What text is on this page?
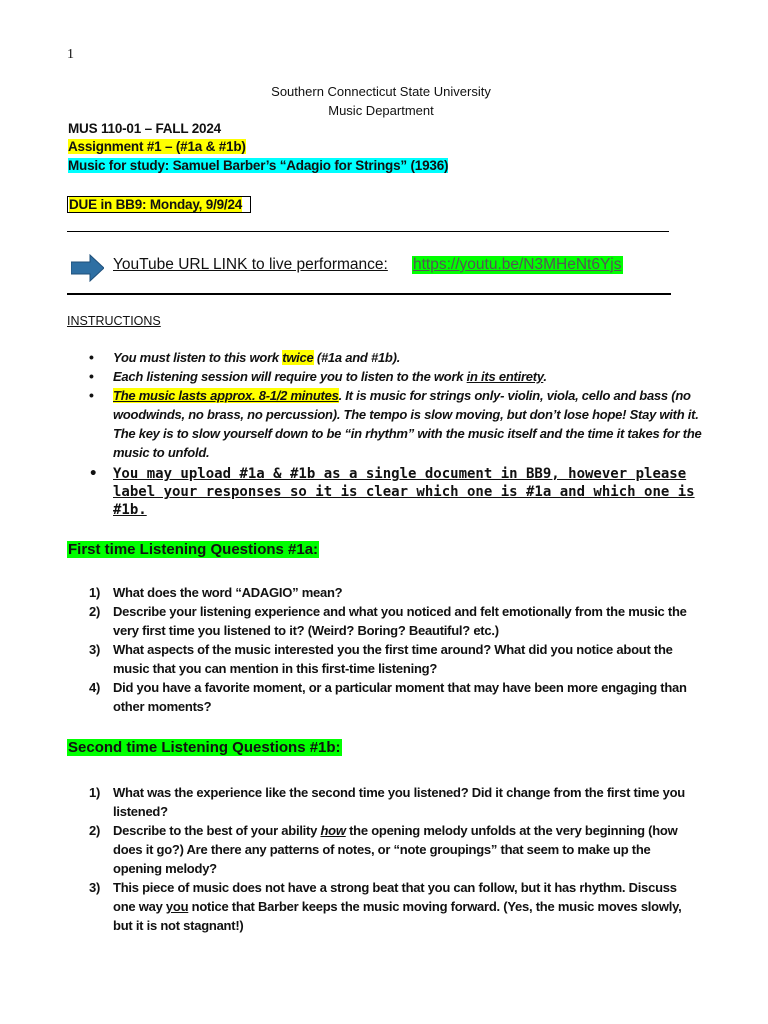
1
Southern Connecticut State University
Music Department
MUS 110-01 – FALL 2024
Assignment #1 – (#1a & #1b)
Music for study: Samuel Barber’s “Adagio for Strings” (1936)
DUE in BB9: Monday, 9/9/24
YouTube URL LINK to live performance: https://youtu.be/N3MHeNt6Yjs
INSTRUCTIONS
• You must listen to this work twice (#1a and #1b).
• Each listening session will require you to listen to the work in its entirety.
• The music lasts approx. 8-1/2 minutes. It is music for strings only- violin, viola, cello and bass (no woodwinds, no brass, no percussion). The tempo is slow moving, but don’t lose hope! Stay with it. The key is to slow yourself down to be “in rhythm” with the music itself and the time it takes for the music to unfold.
• You may upload #1a & #1b as a single document in BB9, however please label your responses so it is clear which one is #1a and which one is #1b.
First time Listening Questions #1a:
1) What does the word “ADAGIO” mean?
2) Describe your listening experience and what you noticed and felt emotionally from the music the very first time you listened to it? (Weird? Boring? Beautiful? etc.)
3) What aspects of the music interested you the first time around? What did you notice about the music that you can mention in this first-time listening?
4) Did you have a favorite moment, or a particular moment that may have been more engaging than other moments?
Second time Listening Questions #1b:
1) What was the experience like the second time you listened? Did it change from the first time you listened?
2) Describe to the best of your ability how the opening melody unfolds at the very beginning (how does it go?) Are there any patterns of notes, or “note groupings” that seem to make up the opening melody?
3) This piece of music does not have a strong beat that you can follow, but it has rhythm. Discuss one way you notice that Barber keeps the music moving forward. (Yes, the music moves slowly, but it is not stagnant!)
